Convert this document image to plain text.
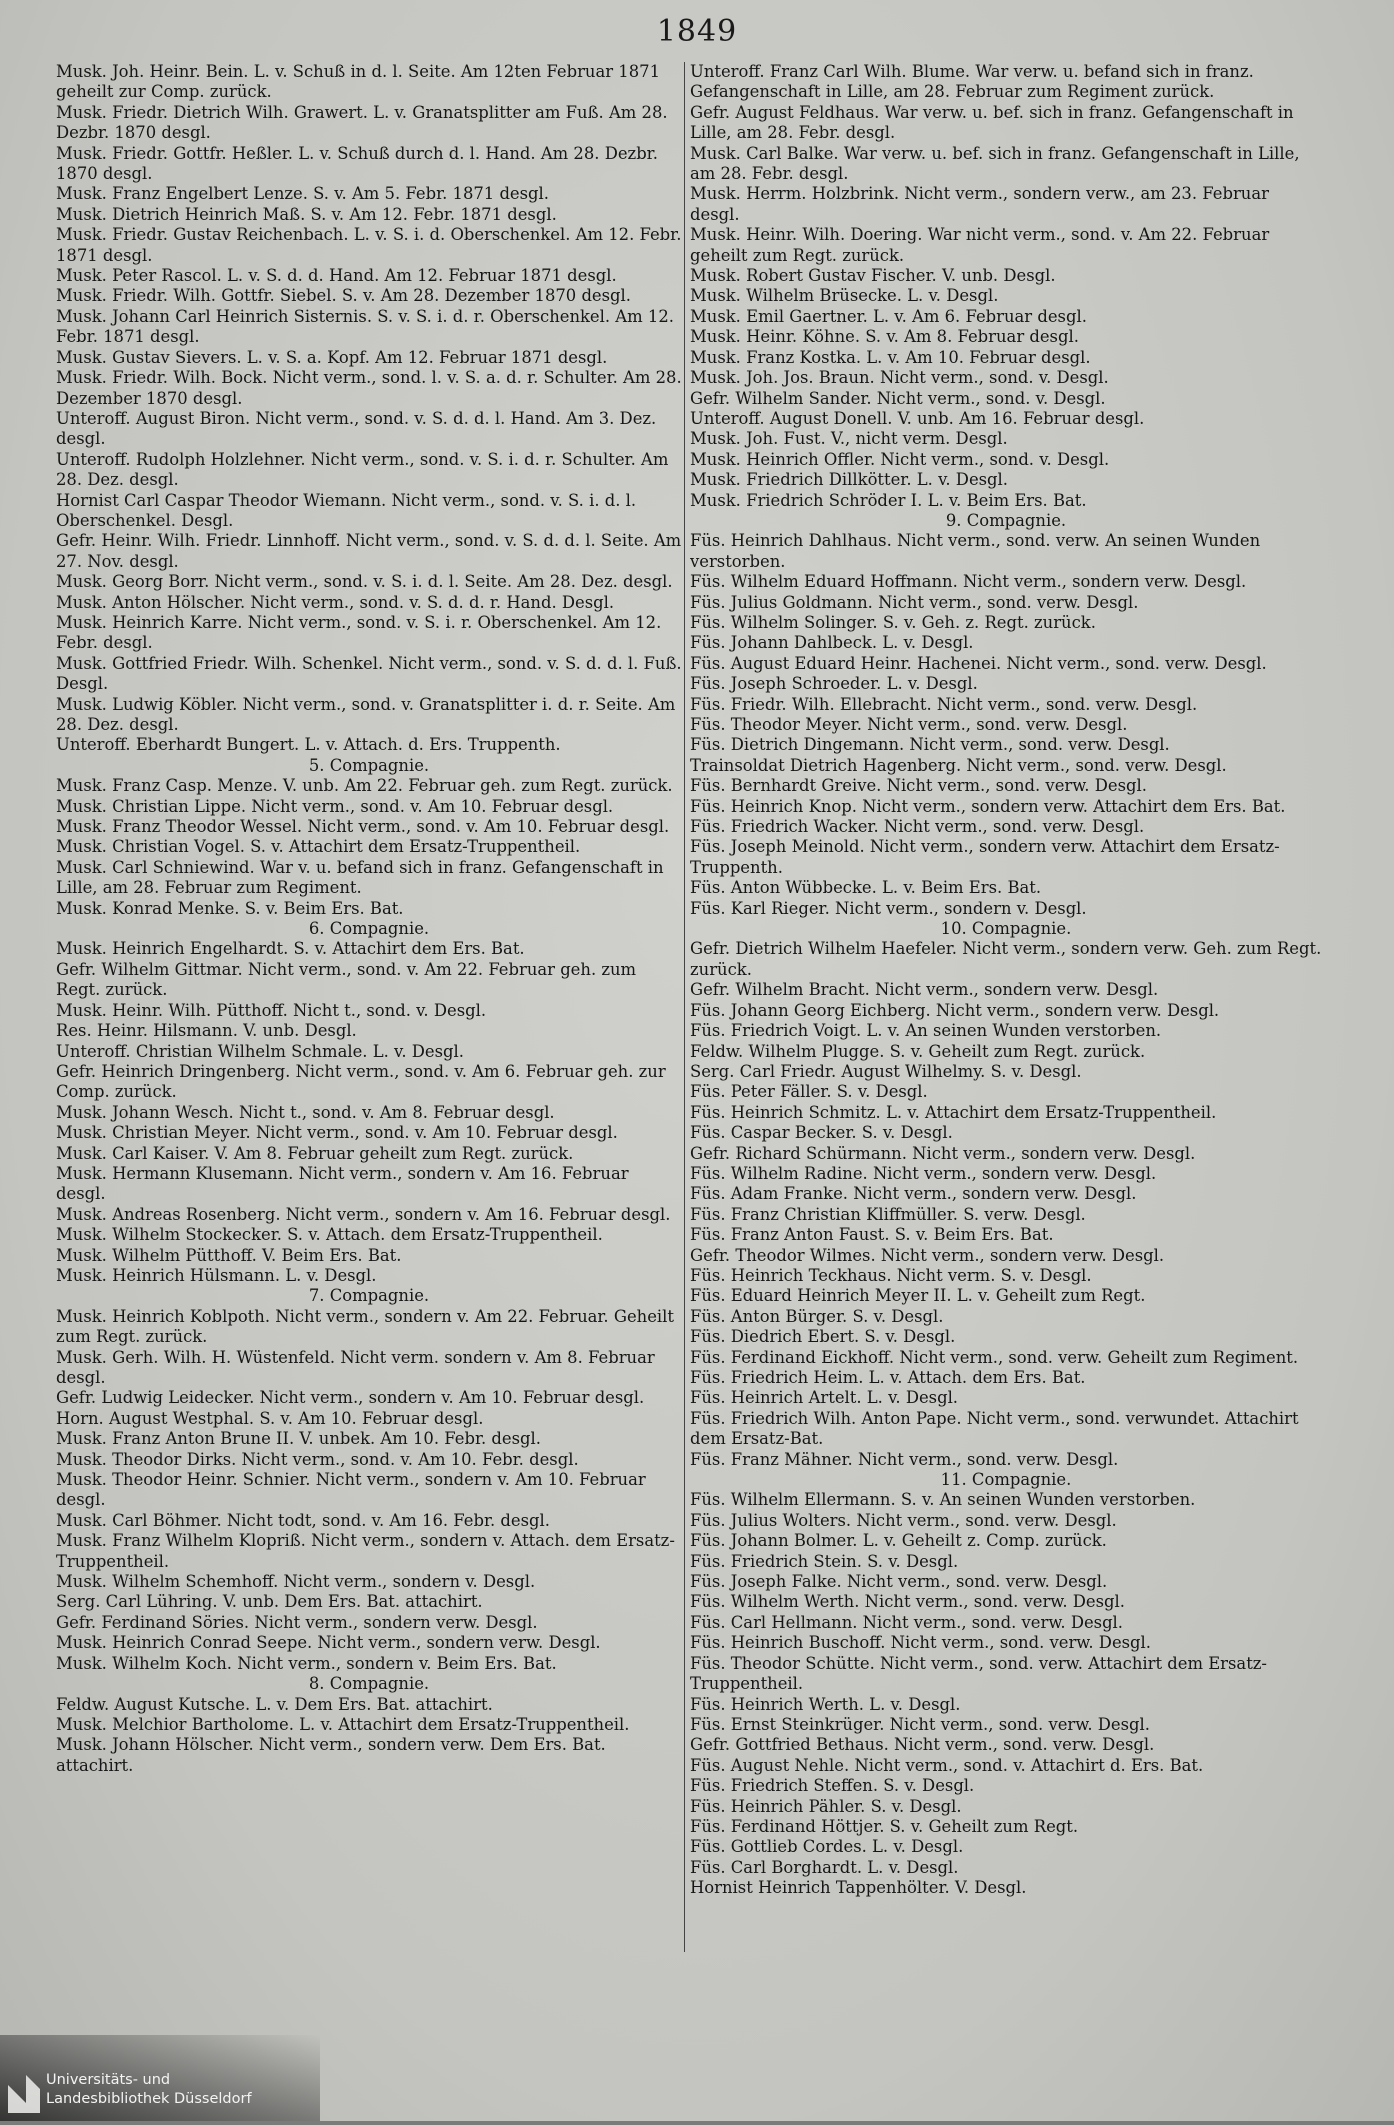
1849
Musk. Joh. Heinr. Bein. L. v. Schuß in d. l. Seite. Am 12ten Februar 1871 geheilt zur Comp. zurück.
Musk. Friedr. Dietrich Wilh. Grawert. L. v. Granatsplitter am Fuß. Am 28. Dezbr. 1870 desgl.
Musk. Friedr. Gottfr. Heßler. L. v. Schuß durch d. l. Hand. Am 28. Dezbr. 1870 desgl.
Musk. Franz Engelbert Lenze. S. v. Am 5. Febr. 1871 desgl.
Musk. Dietrich Heinrich Maß. S. v. Am 12. Febr. 1871 desgl.
Musk. Friedr. Gustav Reichenbach. L. v. S. i. d. Oberschenkel. Am 12. Febr. 1871 desgl.
Musk. Peter Rascol. L. v. S. d. d. Hand. Am 12. Februar 1871 desgl.
Musk. Friedr. Wilh. Gottfr. Siebel. S. v. Am 28. Dezember 1870 desgl.
Musk. Johann Carl Heinrich Sisternis. S. v. S. i. d. r. Oberschenkel. Am 12. Febr. 1871 desgl.
Musk. Gustav Sievers. L. v. S. a. Kopf. Am 12. Februar 1871 desgl.
Musk. Friedr. Wilh. Bock. Nicht verm., sond. l. v. S. a. d. r. Schulter. Am 28. Dezember 1870 desgl.
Unteroff. August Biron. Nicht verm., sond. v. S. d. d. l. Hand. Am 3. Dez. desgl.
Unteroff. Rudolph Holzlehner. Nicht verm., sond. v. S. i. d. r. Schulter. Am 28. Dez. desgl.
Hornist Carl Caspar Theodor Wiemann. Nicht verm., sond. v. S. i. d. l. Oberschenkel. Desgl.
Gefr. Heinr. Wilh. Friedr. Linnhoff. Nicht verm., sond. v. S. d. d. l. Seite. Am 27. Nov. desgl.
Musk. Georg Borr. Nicht verm., sond. v. S. i. d. l. Seite. Am 28. Dez. desgl.
Musk. Anton Hölscher. Nicht verm., sond. v. S. d. d. r. Hand. Desgl.
Musk. Heinrich Karre. Nicht verm., sond. v. S. i. r. Oberschenkel. Am 12. Febr. desgl.
Musk. Gottfried Friedr. Wilh. Schenkel. Nicht verm., sond. v. S. d. d. l. Fuß. Desgl.
Musk. Ludwig Köbler. Nicht verm., sond. v. Granatsplitter i. d. r. Seite. Am 28. Dez. desgl.
Unteroff. Eberhardt Bungert. L. v. Attach. d. Ers. Truppenth.
5. Compagnie.
Musk. Franz Casp. Menze. V. unb. Am 22. Februar geh. zum Regt. zurück.
Musk. Christian Lippe. Nicht verm., sond. v. Am 10. Februar desgl.
Musk. Franz Theodor Wessel. Nicht verm., sond. v. Am 10. Februar desgl.
Musk. Christian Vogel. S. v. Attachirt dem Ersatz-Truppentheil.
Musk. Carl Schniewind. War v. u. befand sich in franz. Gefangenschaft in Lille, am 28. Februar zum Regiment.
Musk. Konrad Menke. S. v. Beim Ers. Bat.
6. Compagnie.
Musk. Heinrich Engelhardt. S. v. Attachirt dem Ers. Bat.
Gefr. Wilhelm Gittmar. Nicht verm., sond. v. Am 22. Februar geh. zum Regt. zurück.
Musk. Heinr. Wilh. Pütthoff. Nicht t., sond. v. Desgl.
Res. Heinr. Hilsmann. V. unb. Desgl.
Unteroff. Christian Wilhelm Schmale. L. v. Desgl.
Gefr. Heinrich Dringenberg. Nicht verm., sond. v. Am 6. Februar geh. zur Comp. zurück.
Musk. Johann Wesch. Nicht t., sond. v. Am 8. Februar desgl.
Musk. Christian Meyer. Nicht verm., sond. v. Am 10. Februar desgl.
Musk. Carl Kaiser. V. Am 8. Februar geheilt zum Regt. zurück.
Musk. Hermann Klusemann. Nicht verm., sondern v. Am 16. Februar desgl.
Musk. Andreas Rosenberg. Nicht verm., sondern v. Am 16. Februar desgl.
Musk. Wilhelm Stockecker. S. v. Attach. dem Ersatz-Truppentheil.
Musk. Wilhelm Pütthoff. V. Beim Ers. Bat.
Musk. Heinrich Hülsmann. L. v. Desgl.
7. Compagnie.
Musk. Heinrich Koblpoth. Nicht verm., sondern v. Am 22. Februar. Geheilt zum Regt. zurück.
Musk. Gerh. Wilh. H. Wüstenfeld. Nicht verm. sondern v. Am 8. Februar desgl.
Gefr. Ludwig Leidecker. Nicht verm., sondern v. Am 10. Februar desgl.
Horn. August Westphal. S. v. Am 10. Februar desgl.
Musk. Franz Anton Brune II. V. unbek. Am 10. Febr. desgl.
Musk. Theodor Dirks. Nicht verm., sond. v. Am 10. Febr. desgl.
Musk. Theodor Heinr. Schnier. Nicht verm., sondern v. Am 10. Februar desgl.
Musk. Carl Böhmer. Nicht todt, sond. v. Am 16. Febr. desgl.
Musk. Franz Wilhelm Klopriß. Nicht verm., sondern v. Attach. dem Ersatz-Truppentheil.
Musk. Wilhelm Schemhoff. Nicht verm., sondern v. Desgl.
Serg. Carl Lühring. V. unb. Dem Ers. Bat. attachirt.
Gefr. Ferdinand Söries. Nicht verm., sondern verw. Desgl.
Musk. Heinrich Conrad Seepe. Nicht verm., sondern verw. Desgl.
Musk. Wilhelm Koch. Nicht verm., sondern v. Beim Ers. Bat.
8. Compagnie.
Feldw. August Kutsche. L. v. Dem Ers. Bat. attachirt.
Musk. Melchior Bartholome. L. v. Attachirt dem Ersatz-Truppentheil.
Musk. Johann Hölscher. Nicht verm., sondern verw. Dem Ers. Bat. attachirt.
Unteroff. Franz Carl Wilh. Blume. War verw. u. befand sich in franz. Gefangenschaft in Lille, am 28. Februar zum Regiment zurück.
Gefr. August Feldhaus. War verw. u. bef. sich in franz. Gefangenschaft in Lille, am 28. Febr. desgl.
Musk. Carl Balke. War verw. u. bef. sich in franz. Gefangenschaft in Lille, am 28. Febr. desgl.
Musk. Herrm. Holzbrink. Nicht verm., sondern verw., am 23. Februar desgl.
Musk. Heinr. Wilh. Doering. War nicht verm., sond. v. Am 22. Februar geheilt zum Regt. zurück.
Musk. Robert Gustav Fischer. V. unb. Desgl.
Musk. Wilhelm Brüsecke. L. v. Desgl.
Musk. Emil Gaertner. L. v. Am 6. Februar desgl.
Musk. Heinr. Köhne. S. v. Am 8. Februar desgl.
Musk. Franz Kostka. L. v. Am 10. Februar desgl.
Musk. Joh. Jos. Braun. Nicht verm., sond. v. Desgl.
Gefr. Wilhelm Sander. Nicht verm., sond. v. Desgl.
Unteroff. August Donell. V. unb. Am 16. Februar desgl.
Musk. Joh. Fust. V., nicht verm. Desgl.
Musk. Heinrich Offler. Nicht verm., sond. v. Desgl.
Musk. Friedrich Dillkötter. L. v. Desgl.
Musk. Friedrich Schröder I. L. v. Beim Ers. Bat.
9. Compagnie.
Füs. Heinrich Dahlhaus. Nicht verm., sond. verw. An seinen Wunden verstorben.
Füs. Wilhelm Eduard Hoffmann. Nicht verm., sondern verw. Desgl.
Füs. Julius Goldmann. Nicht verm., sond. verw. Desgl.
Füs. Wilhelm Solinger. S. v. Geh. z. Regt. zurück.
Füs. Johann Dahlbeck. L. v. Desgl.
Füs. August Eduard Heinr. Hachenei. Nicht verm., sond. verw. Desgl.
Füs. Joseph Schroeder. L. v. Desgl.
Füs. Friedr. Wilh. Ellebracht. Nicht verm., sond. verw. Desgl.
Füs. Theodor Meyer. Nicht verm., sond. verw. Desgl.
Füs. Dietrich Dingemann. Nicht verm., sond. verw. Desgl.
Trainsoldat Dietrich Hagenberg. Nicht verm., sond. verw. Desgl.
Füs. Bernhardt Greive. Nicht verm., sond. verw. Desgl.
Füs. Heinrich Knop. Nicht verm., sondern verw. Attachirt dem Ers. Bat.
Füs. Friedrich Wacker. Nicht verm., sond. verw. Desgl.
Füs. Joseph Meinold. Nicht verm., sondern verw. Attachirt dem Ersatz-Truppenth.
Füs. Anton Wübbecke. L. v. Beim Ers. Bat.
Füs. Karl Rieger. Nicht verm., sondern v. Desgl.
10. Compagnie.
Gefr. Dietrich Wilhelm Haefeler. Nicht verm., sondern verw. Geh. zum Regt. zurück.
Gefr. Wilhelm Bracht. Nicht verm., sondern verw. Desgl.
Füs. Johann Georg Eichberg. Nicht verm., sondern verw. Desgl.
Füs. Friedrich Voigt. L. v. An seinen Wunden verstorben.
Feldw. Wilhelm Plugge. S. v. Geheilt zum Regt. zurück.
Serg. Carl Friedr. August Wilhelmy. S. v. Desgl.
Füs. Peter Fäller. S. v. Desgl.
Füs. Heinrich Schmitz. L. v. Attachirt dem Ersatz-Truppentheil.
Füs. Caspar Becker. S. v. Desgl.
Gefr. Richard Schürmann. Nicht verm., sondern verw. Desgl.
Füs. Wilhelm Radine. Nicht verm., sondern verw. Desgl.
Füs. Adam Franke. Nicht verm., sondern verw. Desgl.
Füs. Franz Christian Kliffmüller. S. verw. Desgl.
Füs. Franz Anton Faust. S. v. Beim Ers. Bat.
Gefr. Theodor Wilmes. Nicht verm., sondern verw. Desgl.
Füs. Heinrich Teckhaus. Nicht verm. S. v. Desgl.
Füs. Eduard Heinrich Meyer II. L. v. Geheilt zum Regt.
Füs. Anton Bürger. S. v. Desgl.
Füs. Diedrich Ebert. S. v. Desgl.
Füs. Ferdinand Eickhoff. Nicht verm., sond. verw. Geheilt zum Regiment.
Füs. Friedrich Heim. L. v. Attach. dem Ers. Bat.
Füs. Heinrich Artelt. L. v. Desgl.
Füs. Friedrich Wilh. Anton Pape. Nicht verm., sond. verwundet. Attachirt dem Ersatz-Bat.
Füs. Franz Mähner. Nicht verm., sond. verw. Desgl.
11. Compagnie.
Füs. Wilhelm Ellermann. S. v. An seinen Wunden verstorben.
Füs. Julius Wolters. Nicht verm., sond. verw. Desgl.
Füs. Johann Bolmer. L. v. Geheilt z. Comp. zurück.
Füs. Friedrich Stein. S. v. Desgl.
Füs. Joseph Falke. Nicht verm., sond. verw. Desgl.
Füs. Wilhelm Werth. Nicht verm., sond. verw. Desgl.
Füs. Carl Hellmann. Nicht verm., sond. verw. Desgl.
Füs. Heinrich Buschoff. Nicht verm., sond. verw. Desgl.
Füs. Theodor Schütte. Nicht verm., sond. verw. Attachirt dem Ersatz-Truppentheil.
Füs. Heinrich Werth. L. v. Desgl.
Füs. Ernst Steinkrüger. Nicht verm., sond. verw. Desgl.
Gefr. Gottfried Bethaus. Nicht verm., sond. verw. Desgl.
Füs. August Nehle. Nicht verm., sond. v. Attachirt d. Ers. Bat.
Füs. Friedrich Steffen. S. v. Desgl.
Füs. Heinrich Pähler. S. v. Desgl.
Füs. Ferdinand Höttjer. S. v. Geheilt zum Regt.
Füs. Gottlieb Cordes. L. v. Desgl.
Füs. Carl Borghardt. L. v. Desgl.
Hornist Heinrich Tappenhölter. V. Desgl.
Universitäts- und
Landesbibliothek Düsseldorf
